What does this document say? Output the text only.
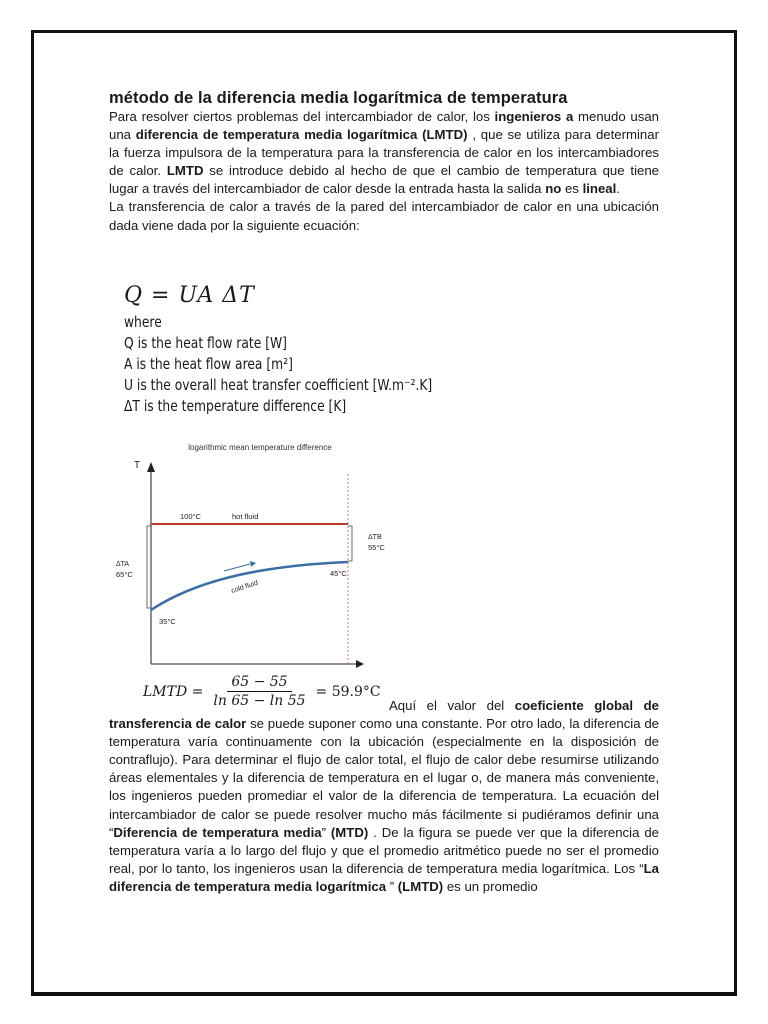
método de la diferencia media logarítmica de temperatura

Para resolver ciertos problemas del intercambiador de calor, los ingenieros a menudo usan una diferencia de temperatura media logarítmica (LMTD) , que se utiliza para determinar la fuerza impulsora de la temperatura para la transferencia de calor en los intercambiadores de calor. LMTD se introduce debido al hecho de que el cambio de temperatura que tiene lugar a través del intercambiador de calor desde la entrada hasta la salida no es lineal.

La transferencia de calor a través de la pared del intercambiador de calor en una ubicación dada viene dada por la siguiente ecuación:

Q = UA ΔT
where
Q is the heat flow rate [W]
A is the heat flow area [m²]
U is the overall heat transfer coefficient [W.m⁻².K]
ΔT is the temperature difference [K]
logarithmic mean temperature difference
T
100°C	hot fluid
cold fluid
35°C
45°C
ΔTA
65°C
ΔTB
55°C
LMTD = $\frac{65 - 55}{\ln 65 - \ln 55} = 59.9^\circ C$

Aquí el valor del coeficiente global de transferencia de calor se puede suponer como una constante. Por otro lado, la diferencia de temperatura varía continuamente con la ubicación (especialmente en la disposición de contraflujo). Para determinar el flujo de calor total, el flujo de calor debe resumirse utilizando áreas elementales y la diferencia de temperatura en el lugar o, de manera más conveniente, los ingenieros pueden promediar el valor de la diferencia de temperatura. La ecuación del intercambiador de calor se puede resolver mucho más fácilmente si pudiéramos definir una “Diferencia de temperatura media” (MTD) . De la figura se puede ver que la diferencia de temperatura varía a lo largo del flujo y que el promedio aritmético puede no ser el promedio real, por lo tanto, los ingenieros usan la diferencia de temperatura media logarítmica. Los “La diferencia de temperatura media logarítmica ” (LMTD) es un promedio
